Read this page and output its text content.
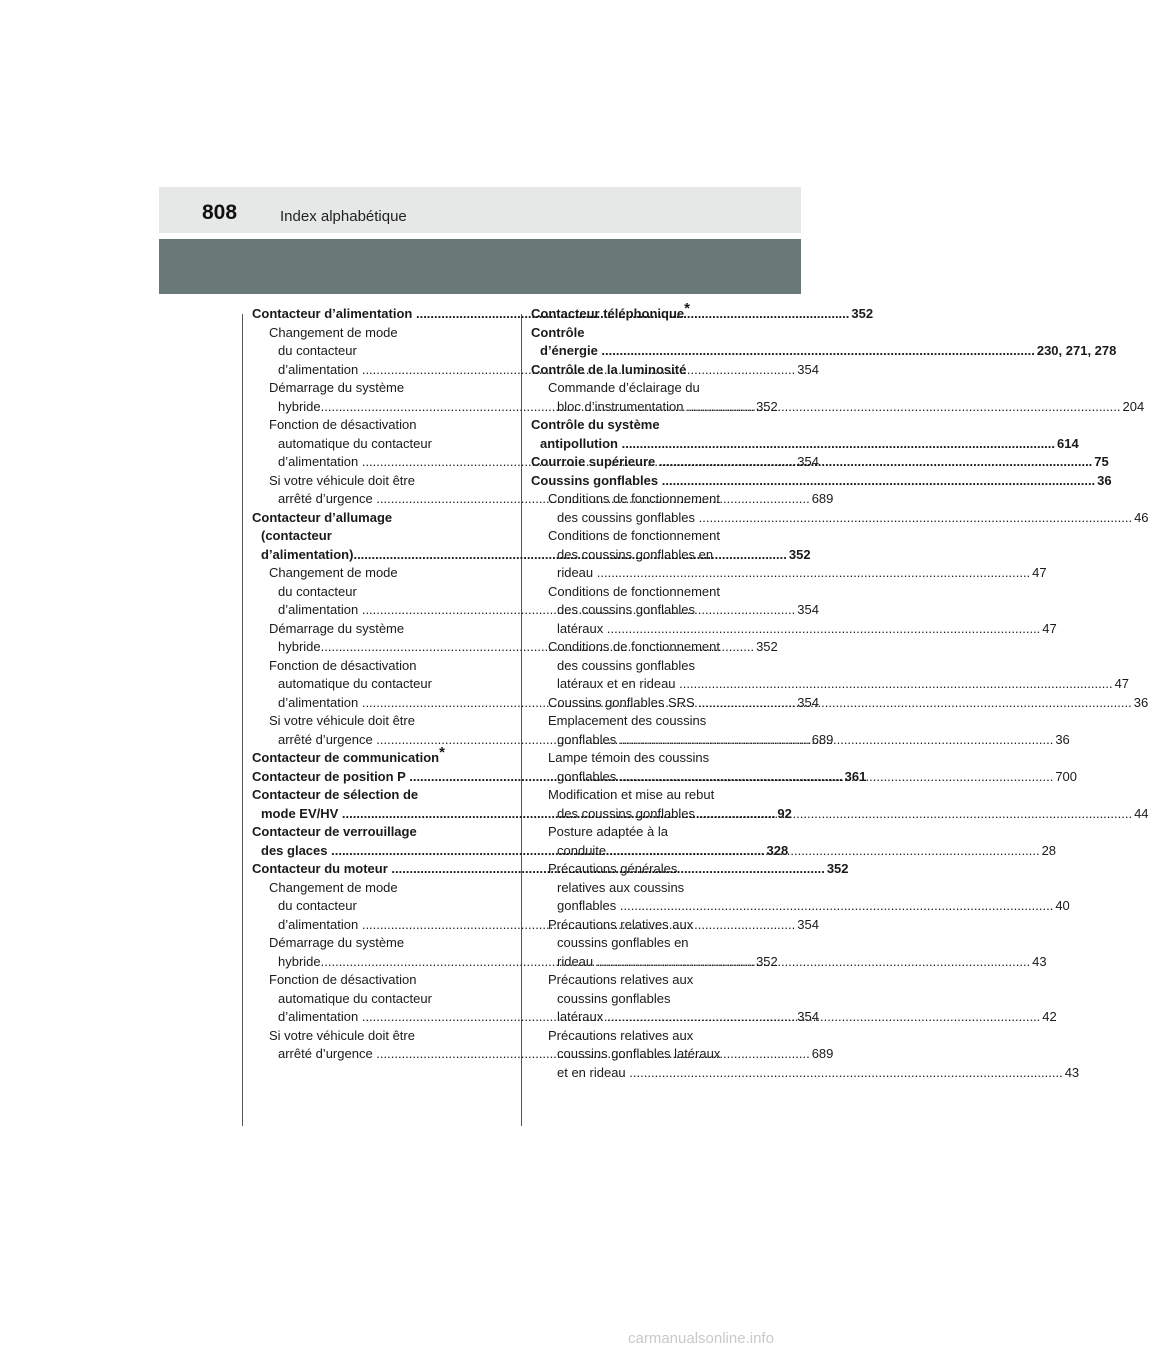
808	Index alphabétique
Contacteur d’alimentation .....	352
Changement de mode
du contacteur
d’alimentation .....	354
Démarrage du système
hybride .....	352
Fonction de désactivation
automatique du contacteur
d’alimentation .....	354
Si votre véhicule doit être
arrêté d’urgence .....	689
Contacteur d’allumage
(contacteur
d’alimentation) .....	352
Changement de mode
du contacteur
d’alimentation .....	354
Démarrage du système
hybride .....	352
Fonction de désactivation
automatique du contacteur
d’alimentation .....	354
Si votre véhicule doit être
arrêté d’urgence .....	689
Contacteur de communication*
Contacteur de position P .....	361
Contacteur de sélection de
mode EV/HV .....	92
Contacteur de verrouillage
des glaces .....	328
Contacteur du moteur .....	352
Changement de mode
du contacteur
d’alimentation .....	354
Démarrage du système
hybride .....	352
Fonction de désactivation
automatique du contacteur
d’alimentation .....	354
Si votre véhicule doit être
arrêté d’urgence .....	689
Contacteur téléphonique*
Contrôle
d’énergie .....	230, 271, 278
Contrôle de la luminosité
Commande d’éclairage du
bloc d’instrumentation .....	204
Contrôle du système
antipollution .....	614
Courroie supérieure .....	75
Coussins gonflables .....	36
Conditions de fonctionnement
des coussins gonflables .....	46
Conditions de fonctionnement
des coussins gonflables en
rideau .....	47
Conditions de fonctionnement
des coussins gonflables
latéraux .....	47
Conditions de fonctionnement
des coussins gonflables
latéraux et en rideau .....	47
Coussins gonflables SRS .....	36
Emplacement des coussins
gonflables .....	36
Lampe témoin des coussins
gonflables .....	700
Modification et mise au rebut
des coussins gonflables .....	44
Posture adaptée à la
conduite .....	28
Précautions générales
relatives aux coussins
gonflables .....	40
Précautions relatives aux
coussins gonflables en
rideau .....	43
Précautions relatives aux
coussins gonflables
latéraux .....	42
Précautions relatives aux
coussins gonflables latéraux
et en rideau .....	43
carmanualsonline.info
